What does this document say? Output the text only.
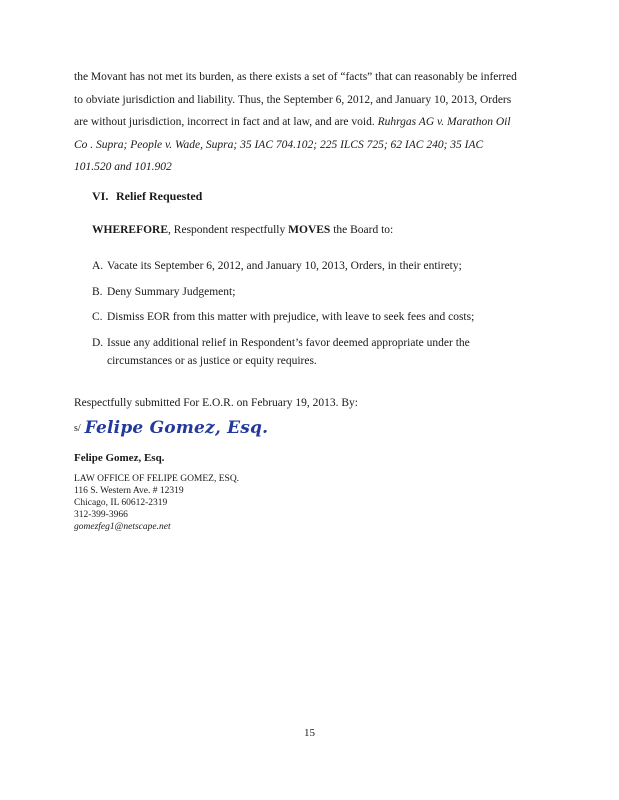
the Movant has not met its burden, as there exists a set of “facts” that can reasonably be inferred
to obviate jurisdiction and liability. Thus, the September 6, 2012, and January 10, 2013, Orders
are without jurisdiction, incorrect in fact and at law, and are void. Ruhrgas AG v. Marathon Oil
Co . Supra; People v. Wade, Supra; 35 IAC 704.102; 225 ILCS 725; 62 IAC 240; 35 IAC
101.520 and 101.902
VI. Relief Requested
WHEREFORE, Respondent respectfully MOVES the Board to:
A. Vacate its September 6, 2012, and January 10, 2013, Orders, in their entirety;
B. Deny Summary Judgement;
C. Dismiss EOR from this matter with prejudice, with leave to seek fees and costs;
D. Issue any additional relief in Respondent’s favor deemed appropriate under the circumstances or as justice or equity requires.
Respectfully submitted For E.O.R. on February 19, 2013. By:
s/ Felipe Gomez, Esq.
Felipe Gomez, Esq.
LAW OFFICE OF FELIPE GOMEZ, ESQ.
116 S. Western Ave. # 12319
Chicago, IL 60612-2319
312-399-3966
gomezfeg1@netscape.net
15
